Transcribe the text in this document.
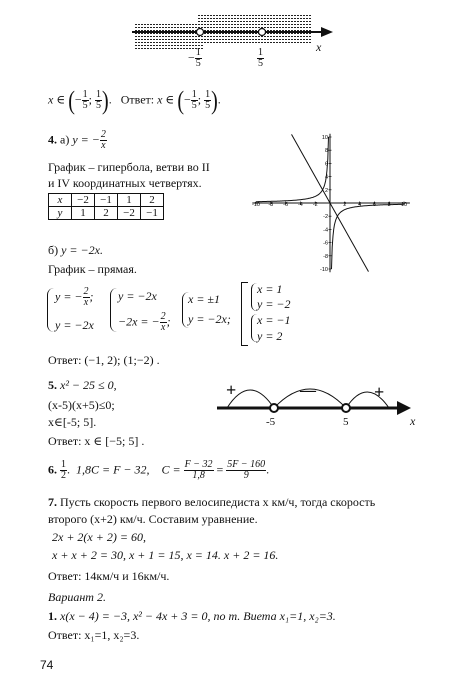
x
− $\frac{1}{5}$	$\frac{1}{5}$
x ∈ (− $\frac{1}{5}$ ; $\frac{1}{5}$ ).   Ответ: x ∈ (− $\frac{1}{5}$ ; $\frac{1}{5}$ ).
4. а) y = − $\frac{2}{x}$
График – гипербола, ветви во II
и IV координатных четвертях.
x	−2	−1	1	2
y	1	2	−2	−1
-10 -8 -6 -4 -2	2 4 6 8 10
10
8
6
4
2
-2
-4
-6
-8
-10
б) y = −2x.
График – прямая.
y = − $\frac{2}{x}$ ;
y = −2x
y = −2x
−2x = − $\frac{2}{x}$ ;
x = ±1
y = −2x;
x = 1
y = −2
x = −1
y = 2
Ответ: (−1, 2); (1;−2) .
5. x² − 25 ≤ 0,
(x-5)(x+5)≤0;
x∈[-5; 5].
Ответ: x ∈ [−5; 5] .
+	—	+
-5	5	x
6. $\frac{1}{2}$ .  1,8C = F − 32, $C = \frac{F - 32}{1,8} = \frac{5F - 160}{9}$ .
7. Пусть скорость первого велосипедиста x км/ч, тогда скорость
второго (x+2) км/ч. Составим уравнение.
2x + 2(x + 2) = 60,
x + x + 2 = 30, x + 1 = 15, x = 14. x + 2 = 16.
Ответ: 14км/ч и 16км/ч.
Вариант 2.
1. x(x − 4) = −3, x² − 4x + 3 = 0, по т. Виета x₁=1, x₂=3.
Ответ: x₁=1, x₂=3.
74
